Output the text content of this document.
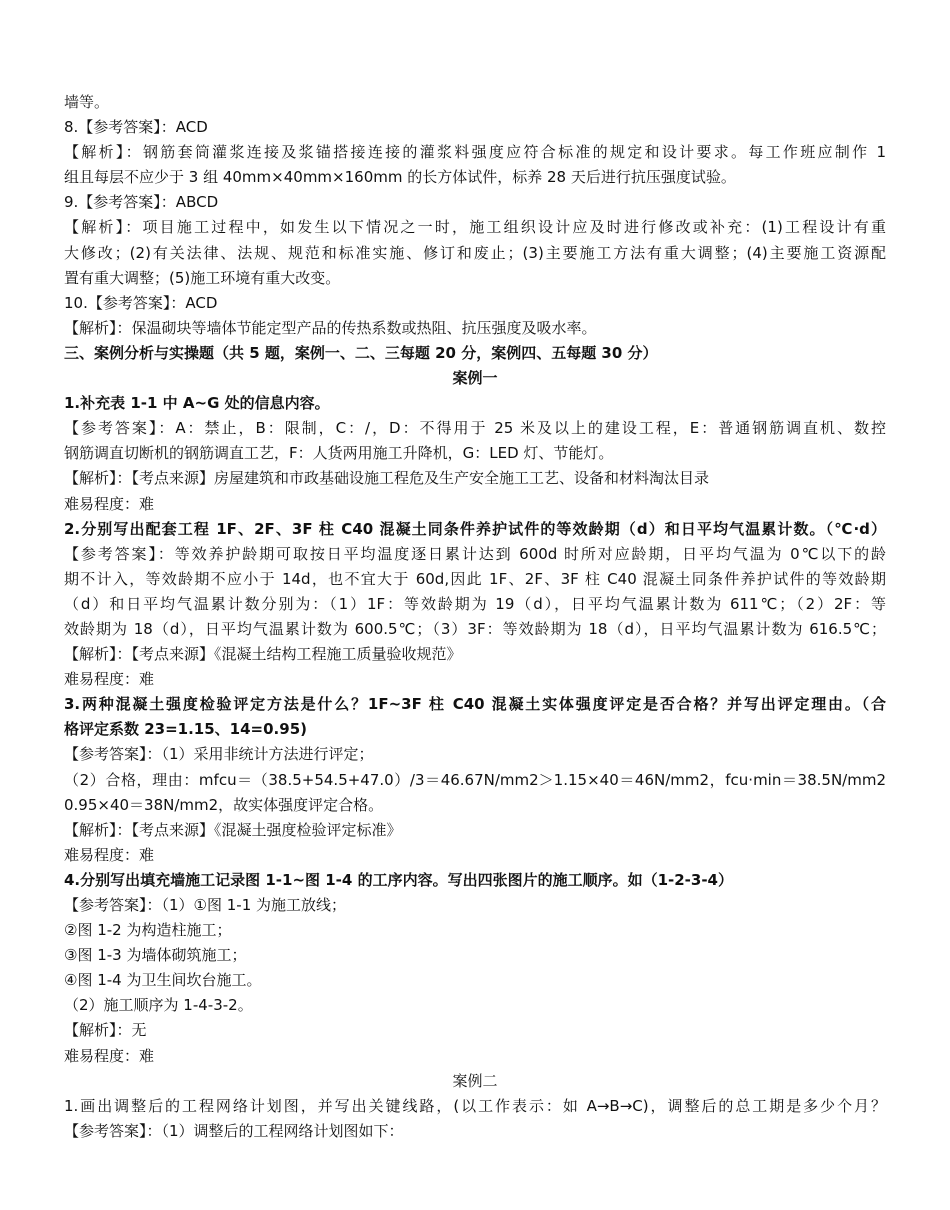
墙等。
8.【参考答案】：ACD
【解析】：钢筋套筒灌浆连接及浆锚搭接连接的灌浆料强度应符合标准的规定和设计要求。每工作班应制作 1
组且每层不应少于 3 组 40mm×40mm×160mm 的长方体试件，标养 28 天后进行抗压强度试验。
9.【参考答案】：ABCD
【解析】：项目施工过程中，如发生以下情况之一时，施工组织设计应及时进行修改或补充：(1)工程设计有重
大修改；(2)有关法律、法规、规范和标准实施、修订和废止；(3)主要施工方法有重大调整；(4)主要施工资源配
置有重大调整；(5)施工环境有重大改变。
10.【参考答案】：ACD
【解析】：保温砌块等墙体节能定型产品的传热系数或热阻、抗压强度及吸水率。
三、案例分析与实操题（共 5 题，案例一、二、三每题 20 分，案例四、五每题 30 分）
案例一
1.补充表 1-1 中 A~G 处的信息内容。
【参考答案】：A：禁止，B：限制，C：/，D：不得用于 25 米及以上的建设工程，E：普通钢筋调直机、数控
钢筋调直切断机的钢筋调直工艺，F：人货两用施工升降机，G：LED 灯、节能灯。
【解析】：【考点来源】房屋建筑和市政基础设施工程危及生产安全施工工艺、设备和材料淘汰目录
难易程度：难
2.分别写出配套工程 1F、2F、3F 柱 C40 混凝土同条件养护试件的等效龄期（d）和日平均气温累计数。（℃·d）
【参考答案】：等效养护龄期可取按日平均温度逐日累计达到 600d 时所对应龄期，日平均气温为 0℃以下的龄
期不计入，等效龄期不应小于 14d，也不宜大于 60d,因此 1F、2F、3F 柱 C40 混凝土同条件养护试件的等效龄期
（d）和日平均气温累计数分别为：（1）1F：等效龄期为 19（d），日平均气温累计数为 611℃；（2）2F：等
效龄期为 18（d），日平均气温累计数为 600.5℃；（3）3F：等效龄期为 18（d），日平均气温累计数为 616.5℃；
【解析】：【考点来源】《混凝土结构工程施工质量验收规范》
难易程度：难
3.两种混凝土强度检验评定方法是什么？1F~3F 柱 C40 混凝土实体强度评定是否合格？并写出评定理由。（合
格评定系数 23=1.15、14=0.95)
【参考答案】：（1）采用非统计方法进行评定；
（2）合格，理由：mfcu＝（38.5+54.5+47.0）/3＝46.67N/mm2＞1.15×40＝46N/mm2，fcu·min＝38.5N/mm2
0.95×40＝38N/mm2，故实体强度评定合格。
【解析】：【考点来源】《混凝土强度检验评定标准》
难易程度：难
4.分别写出填充墙施工记录图 1-1~图 1-4 的工序内容。写出四张图片的施工顺序。如（1-2-3-4）
【参考答案】：（1）①图 1-1 为施工放线；
②图 1-2 为构造柱施工；
③图 1-3 为墙体砌筑施工；
④图 1-4 为卫生间坎台施工。
（2）施工顺序为 1-4-3-2。
【解析】：无
难易程度：难
案例二
1.画出调整后的工程网络计划图，并写出关键线路，(以工作表示：如 A→B→C)，调整后的总工期是多少个月？
【参考答案】：（1）调整后的工程网络计划图如下：
